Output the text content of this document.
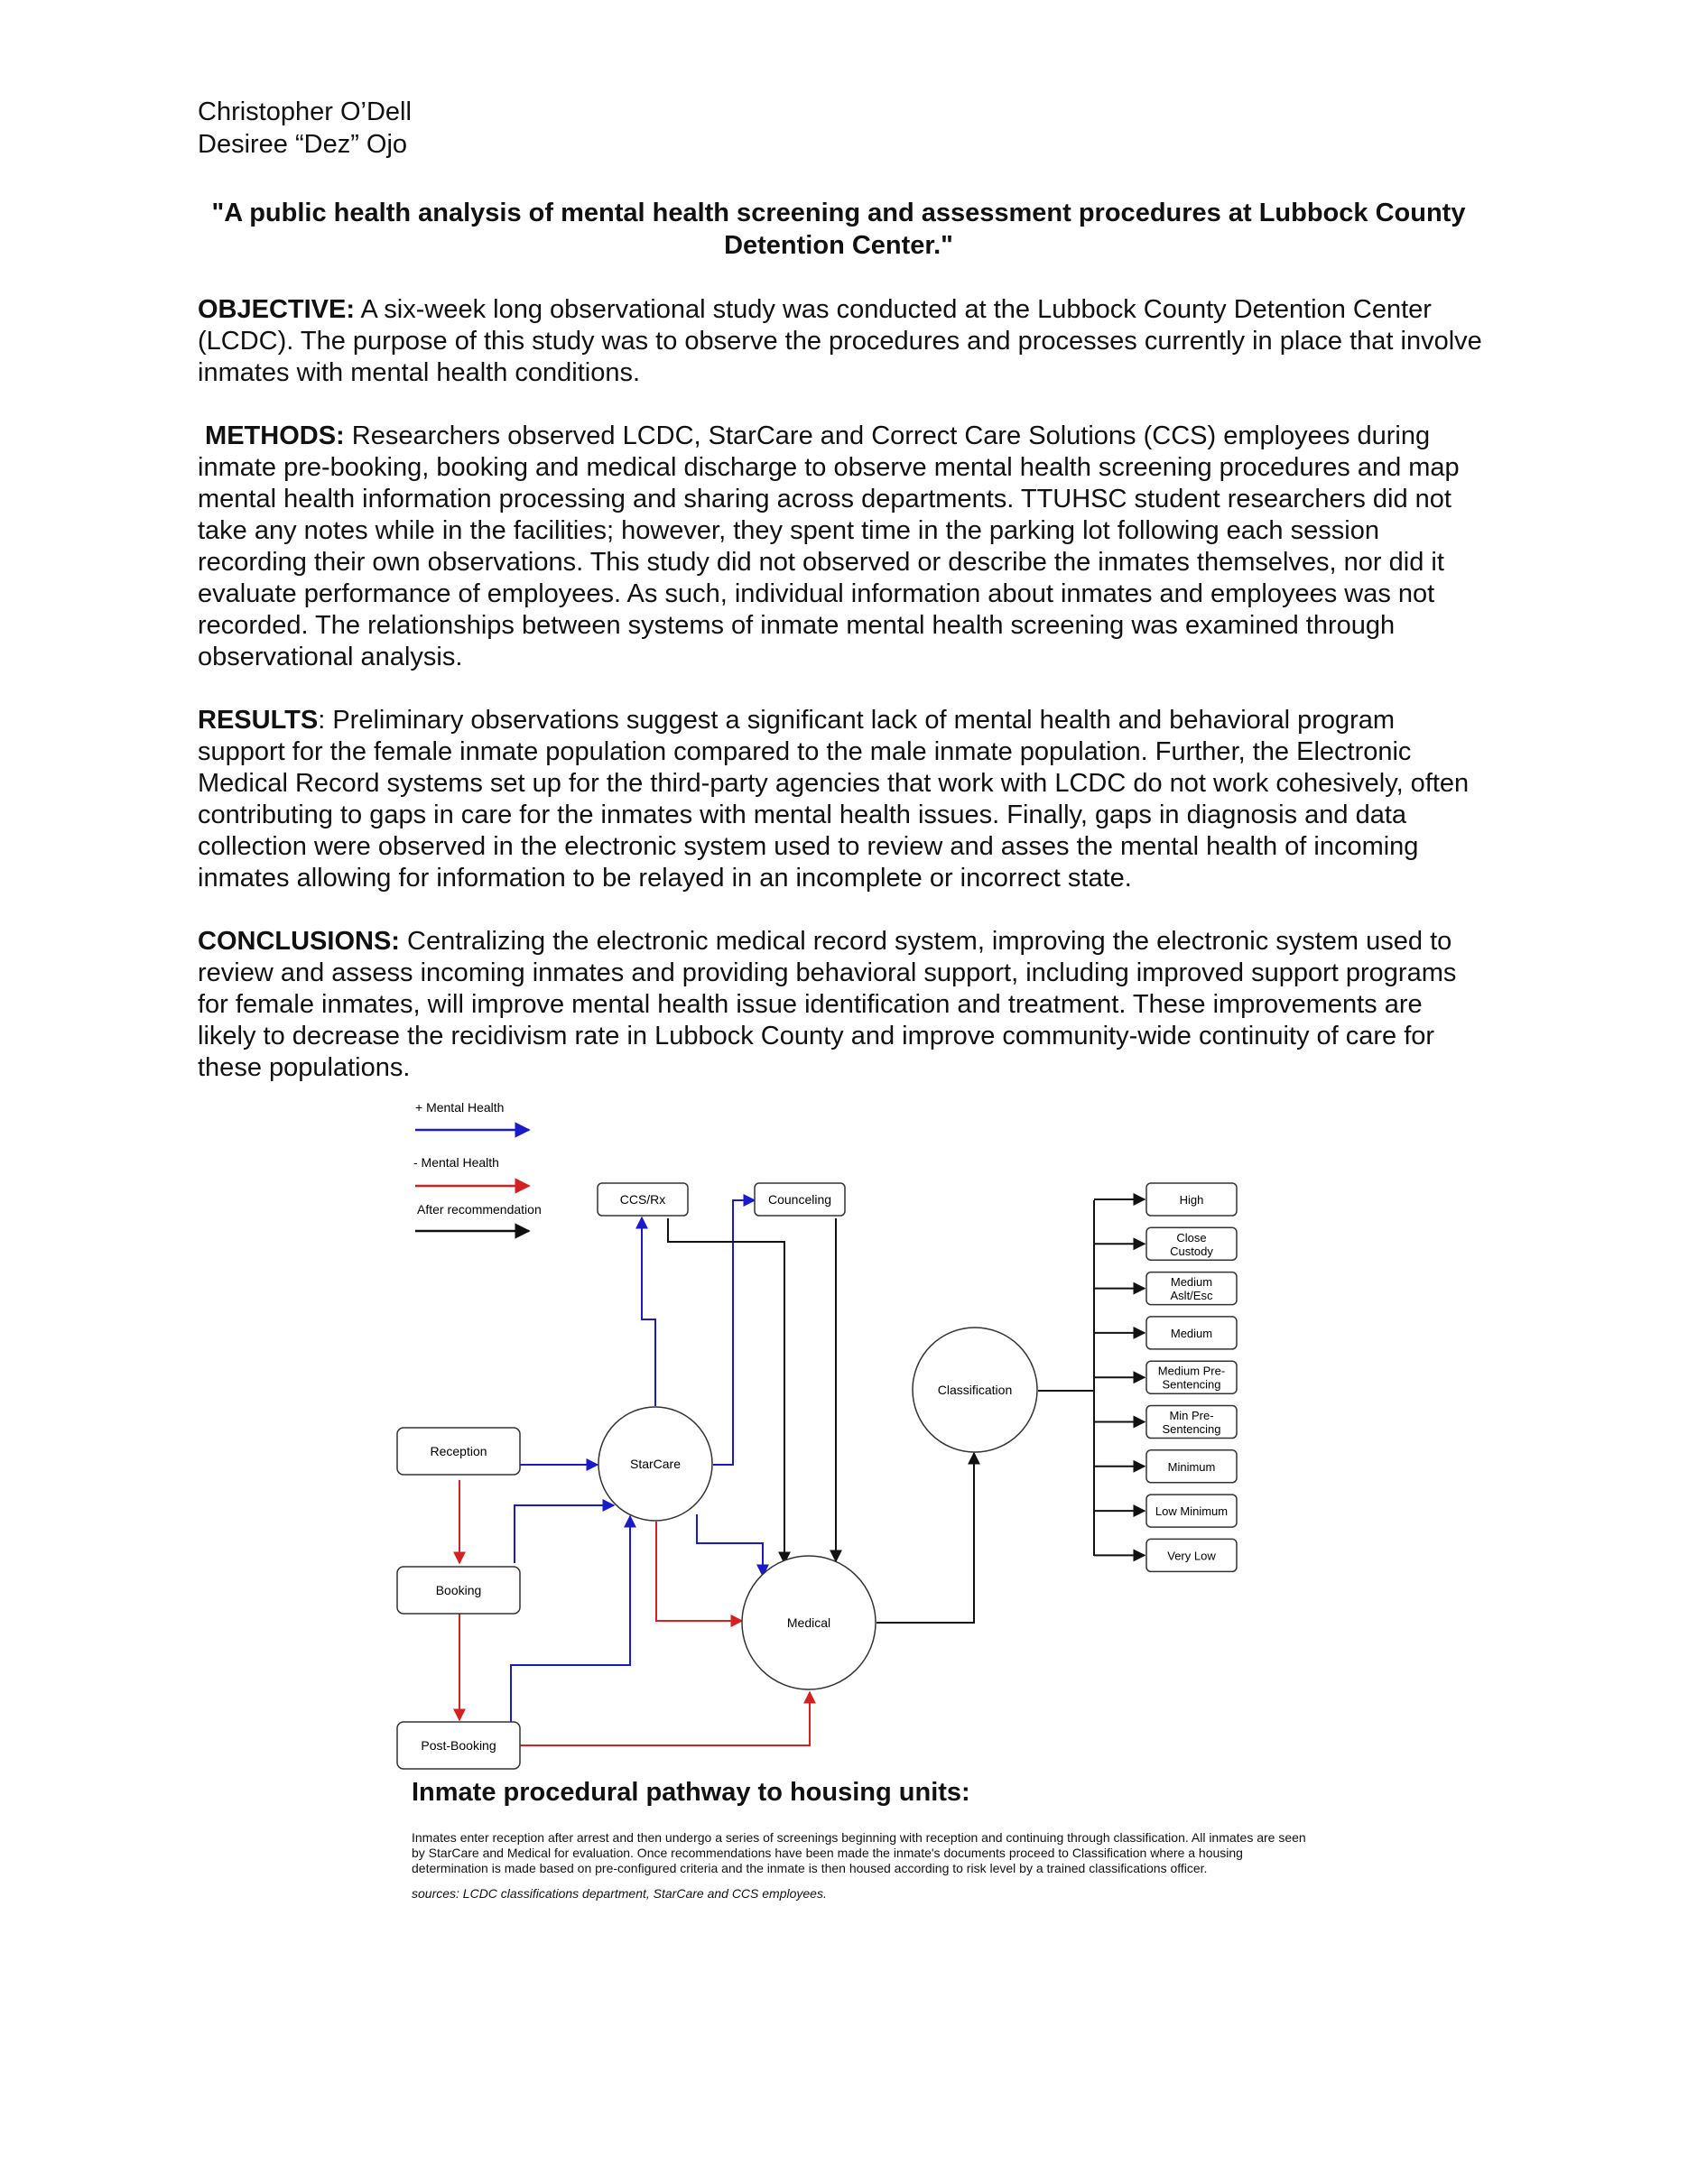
Christopher O’Dell
Desiree “Dez” Ojo
"A public health analysis of mental health screening and assessment procedures at Lubbock County Detention Center."
OBJECTIVE: A six-week long observational study was conducted at the Lubbock County Detention Center (LCDC). The purpose of this study was to observe the procedures and processes currently in place that involve inmates with mental health conditions.
METHODS: Researchers observed LCDC, StarCare and Correct Care Solutions (CCS) employees during inmate pre-booking, booking and medical discharge to observe mental health screening procedures and map mental health information processing and sharing across departments. TTUHSC student researchers did not take any notes while in the facilities; however, they spent time in the parking lot following each session recording their own observations. This study did not observed or describe the inmates themselves, nor did it evaluate performance of employees. As such, individual information about inmates and employees was not recorded. The relationships between systems of inmate mental health screening was examined through observational analysis.
RESULTS: Preliminary observations suggest a significant lack of mental health and behavioral program support for the female inmate population compared to the male inmate population. Further, the Electronic Medical Record systems set up for the third-party agencies that work with LCDC do not work cohesively, often contributing to gaps in care for the inmates with mental health issues. Finally, gaps in diagnosis and data collection were observed in the electronic system used to review and asses the mental health of incoming inmates allowing for information to be relayed in an incomplete or incorrect state.
CONCLUSIONS: Centralizing the electronic medical record system, improving the electronic system used to review and assess incoming inmates and providing behavioral support, including improved support programs for female inmates, will improve mental health issue identification and treatment. These improvements are likely to decrease the recidivism rate in Lubbock County and improve community-wide continuity of care for these populations.
+ Mental Health
- Mental Health
After recommendation
Reception
Booking
Post-Booking
StarCare
CCS/Rx	Counceling
Medical
Classification
High
Close Custody
Medium Aslt/Esc
Medium
Medium Pre-Sentencing
Min Pre-Sentencing
Minimum
Low Minimum
Very Low
Inmate procedural pathway to housing units:
Inmates enter reception after arrest and then undergo a series of screenings beginning with reception and continuing through classification. All inmates are seen by StarCare and Medical for evaluation. Once recommendations have been made the inmate's documents proceed to Classification where a housing determination is made based on pre-configured criteria and the inmate is then housed according to risk level by a trained classifications officer.
sources: LCDC classifications department, StarCare and CCS employees.
